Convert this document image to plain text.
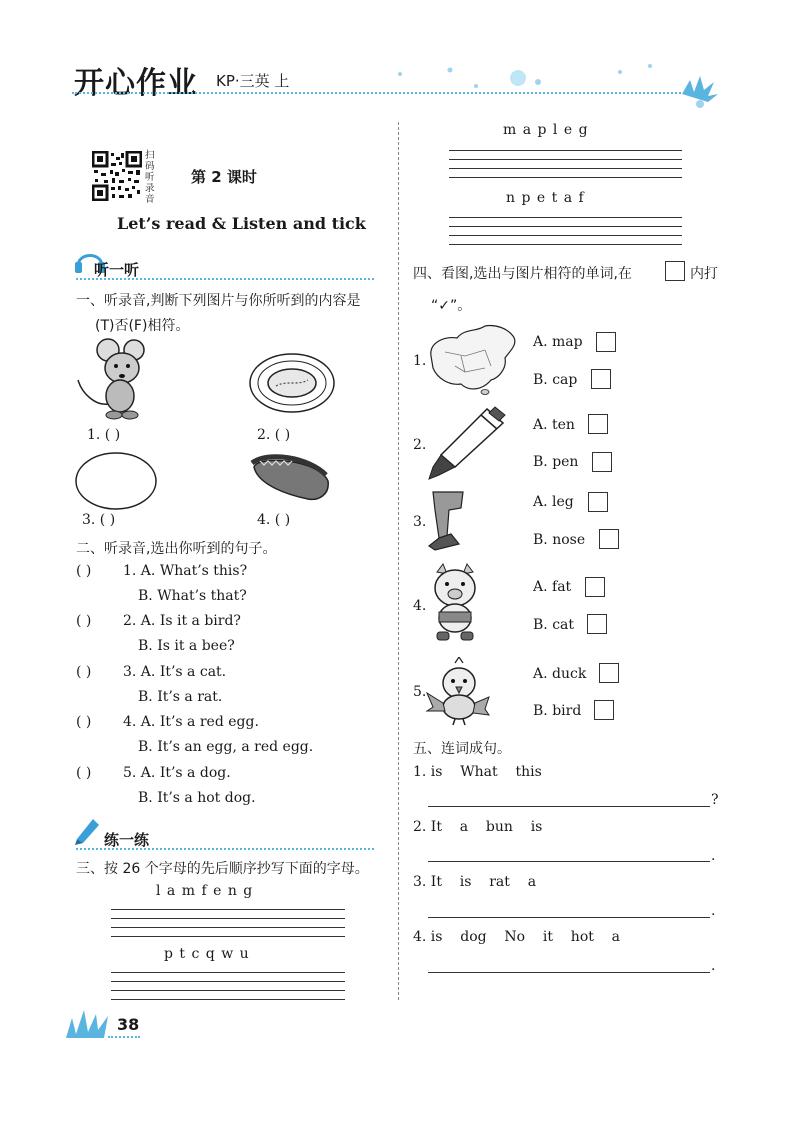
开心作业 KP·三英 上
扫码听录音
第 2 课时
Let’s read & Listen and tick
听一听
一、听录音,判断下列图片与你所听到的内容是
(T)否(F)相符。
1. ( )	2. ( )
3. ( )	4. ( )
二、听录音,选出你听到的句子。
( ) 1. A. What’s this?
B. What’s that?
( ) 2. A. Is it a bird?
B. Is it a bee?
( ) 3. A. It’s a cat.
B. It’s a rat.
( ) 4. A. It’s a red egg.
B. It’s an egg, a red egg.
( ) 5. A. It’s a dog.
B. It’s a hot dog.
练一练
三、按 26 个字母的先后顺序抄写下面的字母。
l a m f e n g
p t c q w u
38
m a p l e g
n p e t a f
四、看图,选出与图片相符的单词,在	内打
“✓”。
1.
A. map
B. cap
2.
A. ten
B. pen
3.
A. leg
B. nose
4.
A. fat
B. cat
5.
A. duck
B. bird
五、连词成句。
1. is    What    this
?
2. It    a    bun    is
.
3. It    is    rat    a
.
4. is    dog    No    it    hot    a
.
